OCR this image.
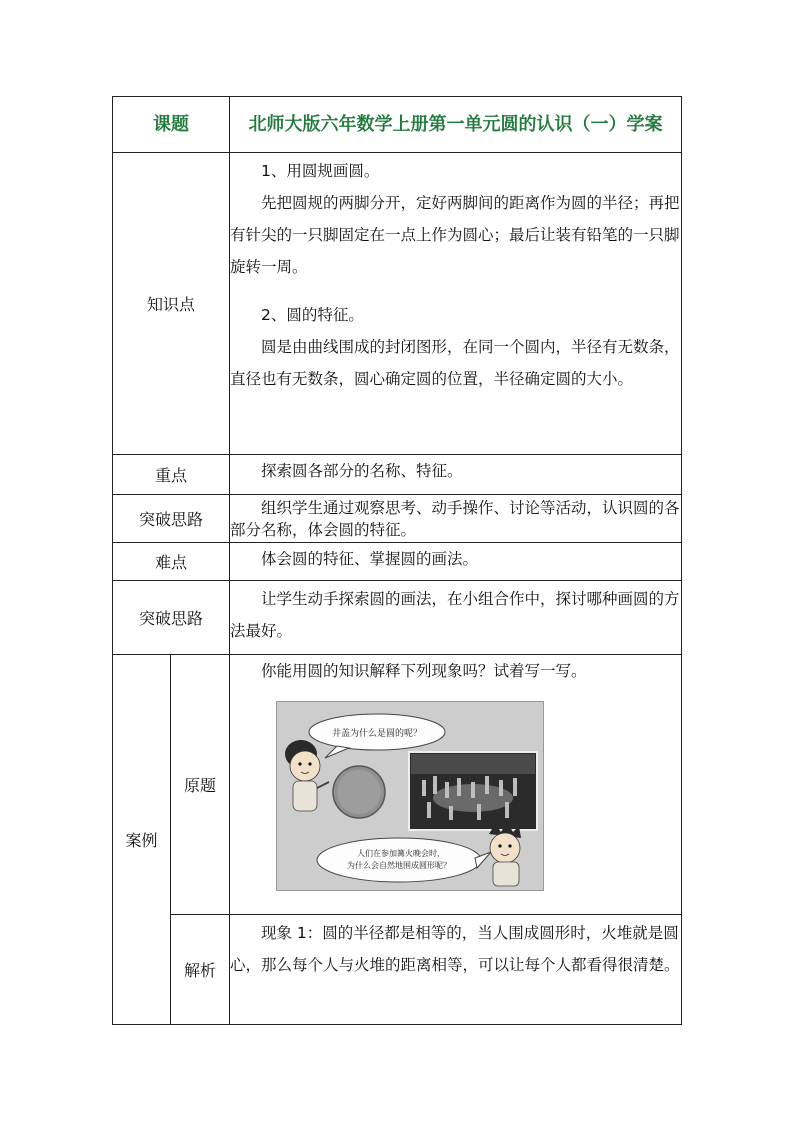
课题		北师大版六年数学上册第一单元圆的认识（一）学案
知识点		1、用圆规画圆。

先把圆规的两脚分开，定好两脚间的距离作为圆的半径；再把有针尖的一只脚固定在一点上作为圆心；最后让装有铅笔的一只脚旋转一周。

2、圆的特征。

圆是由曲线围成的封闭图形，在同一个圆内，半径有无数条，直径也有无数条，圆心确定圆的位置，半径确定圆的大小。

重点		探索圆各部分的名称、特征。

突破思路		组织学生通过观察思考、动手操作、讨论等活动，认识圆的各部分名称，体会圆的特征。

难点		体会圆的特征、掌握圆的画法。

突破思路		让学生动手探索圆的画法，在小组合作中，探讨哪种画圆的方法最好。

案例	原题	你能用圆的知识解释下列现象吗？试着写一写。

井盖为什么是圆的呢？
人们在参加篝火晚会时，
为什么会自然地围成圆形呢？

	解析	现象 1：圆的半径都是相等的，当人围成圆形时，火堆就是圆心，那么每个人与火堆的距离相等，可以让每个人都看得很清楚。
